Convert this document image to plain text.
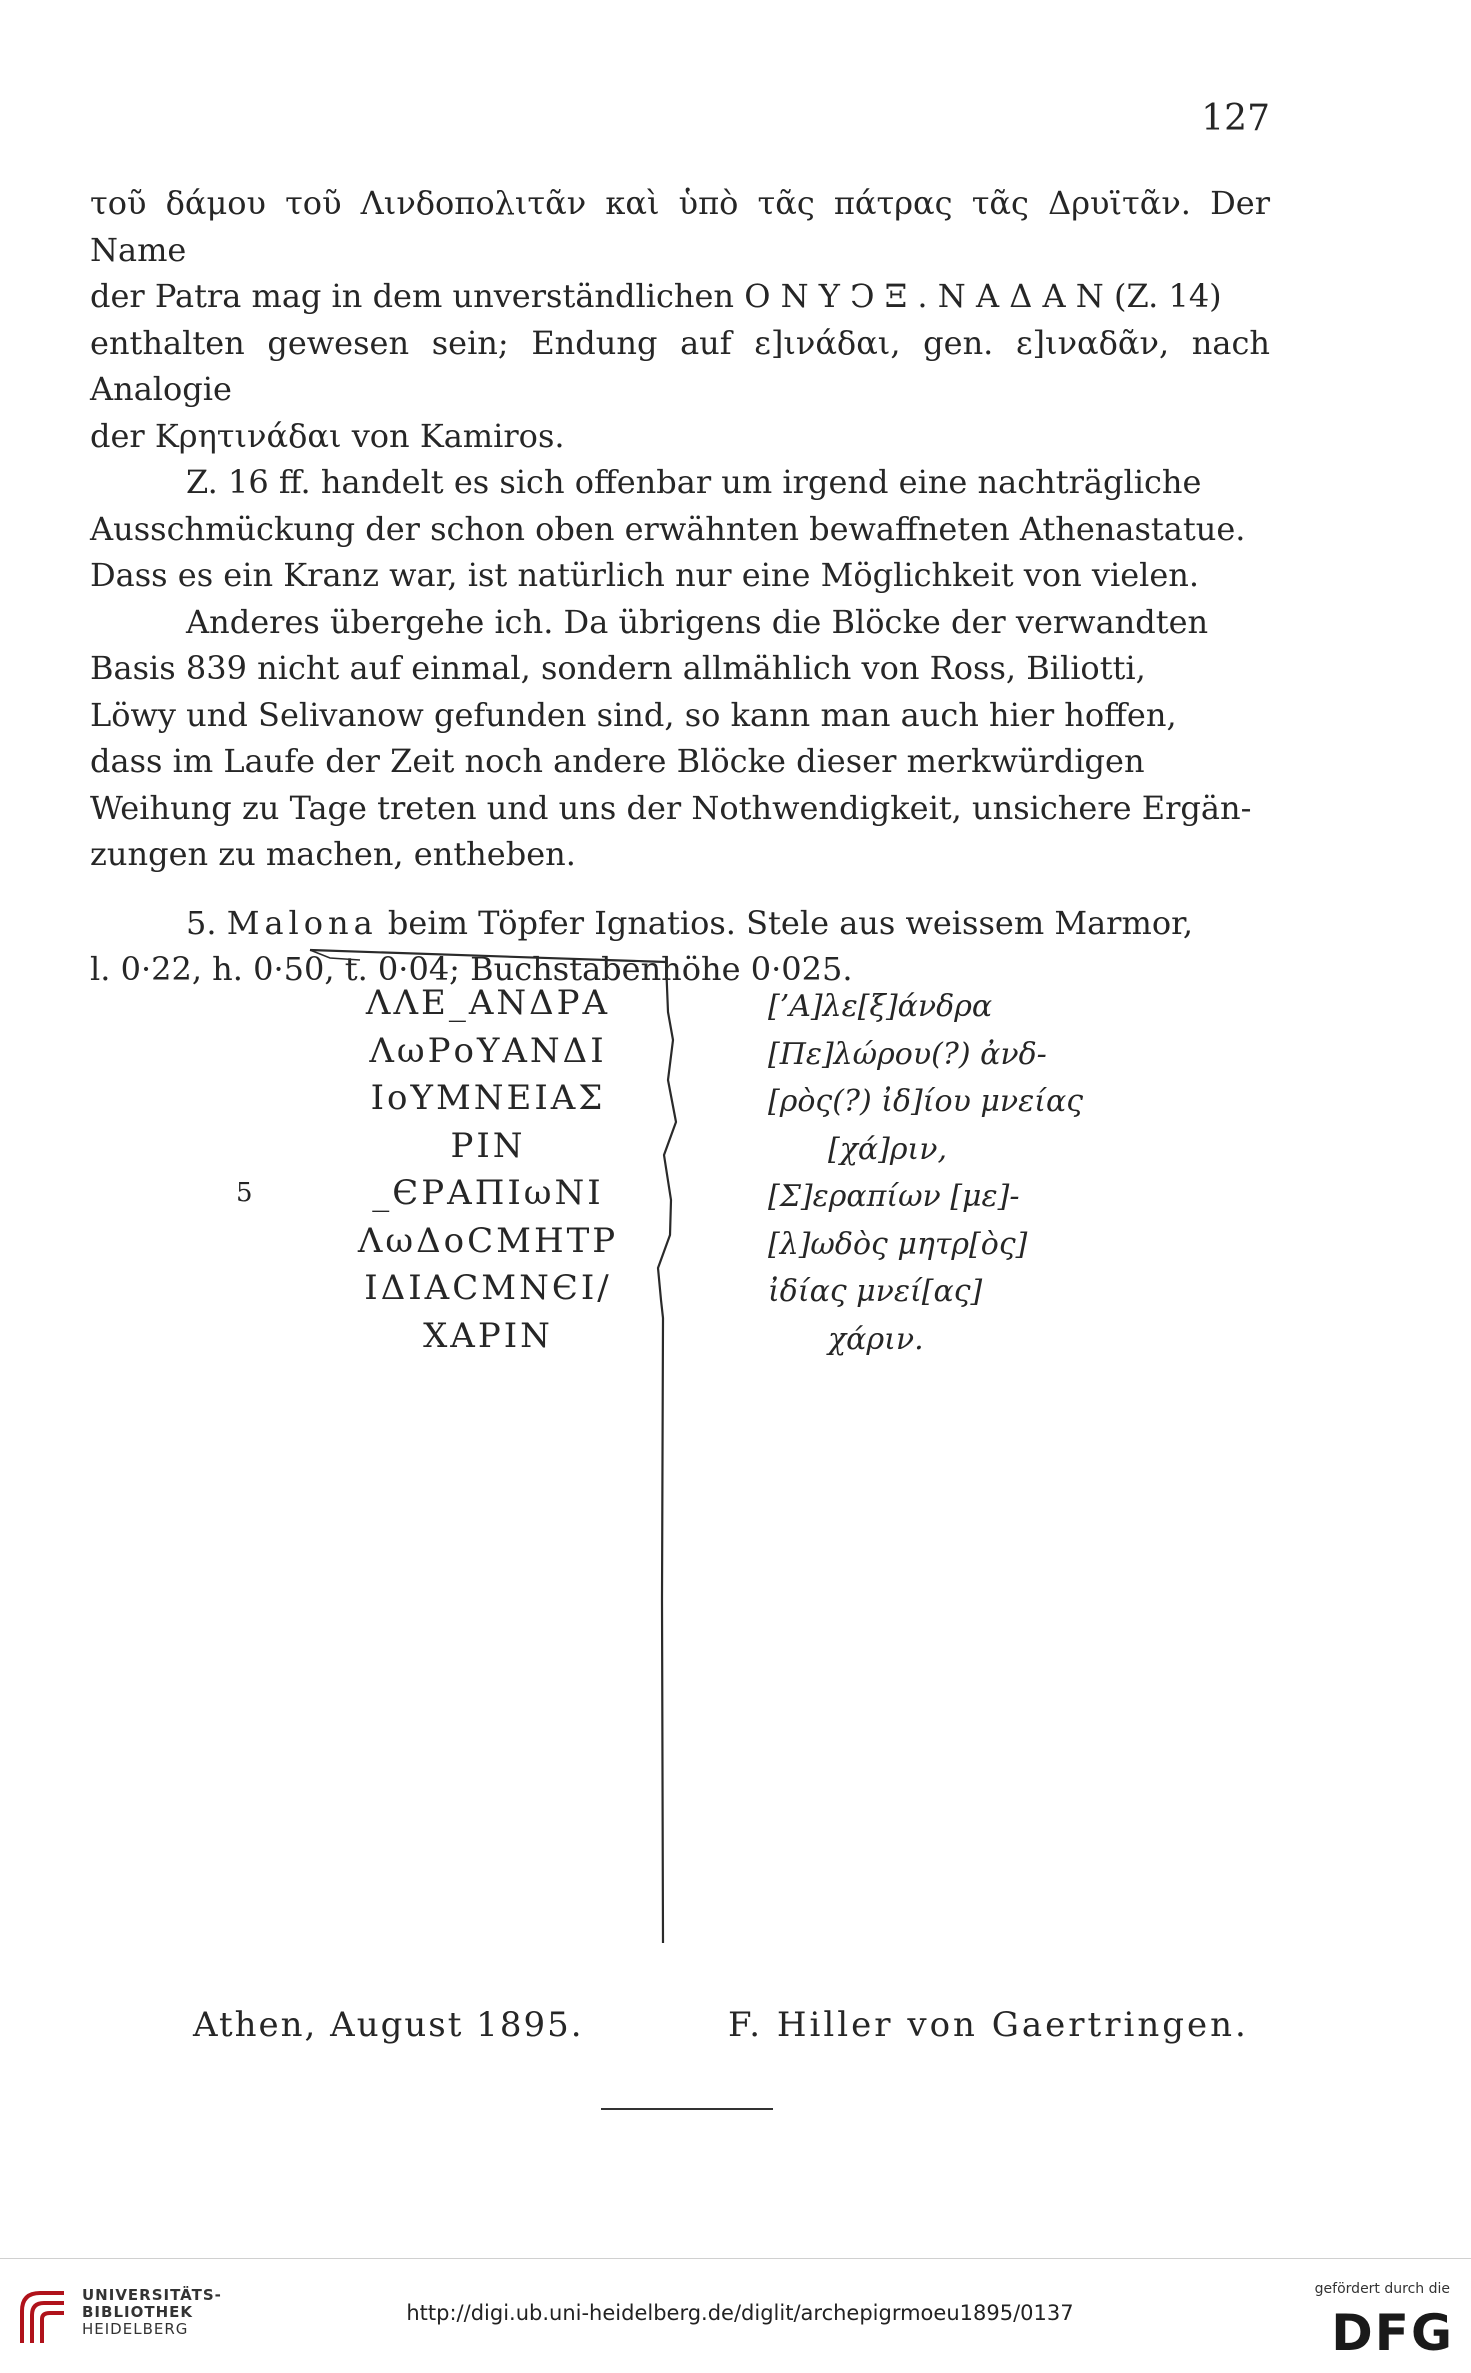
127

τοῦ δάμου τοῦ Λινδοπολιτᾶν καὶ ὑπὸ τᾶς πάτρας τᾶς Δρυϊτᾶν. Der Name
der Patra mag in dem unverständlichen Ο Ν Υ Ͻ Ξ . Ν Α Δ Α Ν (Z. 14)
enthalten gewesen sein; Endung auf ε]ινάδαι, gen. ε]ιναδᾶν, nach Analogie
der Κρητινάδαι von Kamiros.

Z. 16 ff. handelt es sich offenbar um irgend eine nachträgliche
Ausschmückung der schon oben erwähnten bewaffneten Athenastatue.
Dass es ein Kranz war, ist natürlich nur eine Möglichkeit von vielen.

Anderes übergehe ich. Da übrigens die Blöcke der verwandten
Basis 839 nicht auf einmal, sondern allmählich von Ross, Biliotti,
Löwy und Selivanow gefunden sind, so kann man auch hier hoffen,
dass im Laufe der Zeit noch andere Blöcke dieser merkwürdigen
Weihung zu Tage treten und uns der Nothwendigkeit, unsichere Ergän-
zungen zu machen, entheben.

5. Malona beim Töpfer Ignatios. Stele aus weissem Marmor,
l. 0·22, h. 0·50, t. 0·04; Buchstabenhöhe 0·025.

5
ΛΛΕ_ΑΝΔΡΑ
ΛωΡοΥΑΝΔΙ
ΙοΥΜΝΕΙΑΣ
ΡΙΝ
_ЄΡΑΠΙωΝΙ
ΛωΔοϹΜΗΤΡ
ΙΔΙΑϹΜΝЄΙ/
ΧΑΡΙΝ
[’Α]λε[ξ]άνδρα
[Πε]λώρου(?) ἀνδ-
[ρὸς(?) ἰδ]ίου μνείας
[χά]ριν,
[Σ]εραπίων [με]-
[λ]ωδὸς μητρ[ὸς]
ἰδίας μνεί[ας]
χάριν.
Athen, August 1895.	F. Hiller von Gaertringen.
UNIVERSITÄTS-
BIBLIOTHEK
HEIDELBERG
http://digi.ub.uni-heidelberg.de/diglit/archepigrmoeu1895/0137
gefördert durch die
DFG
